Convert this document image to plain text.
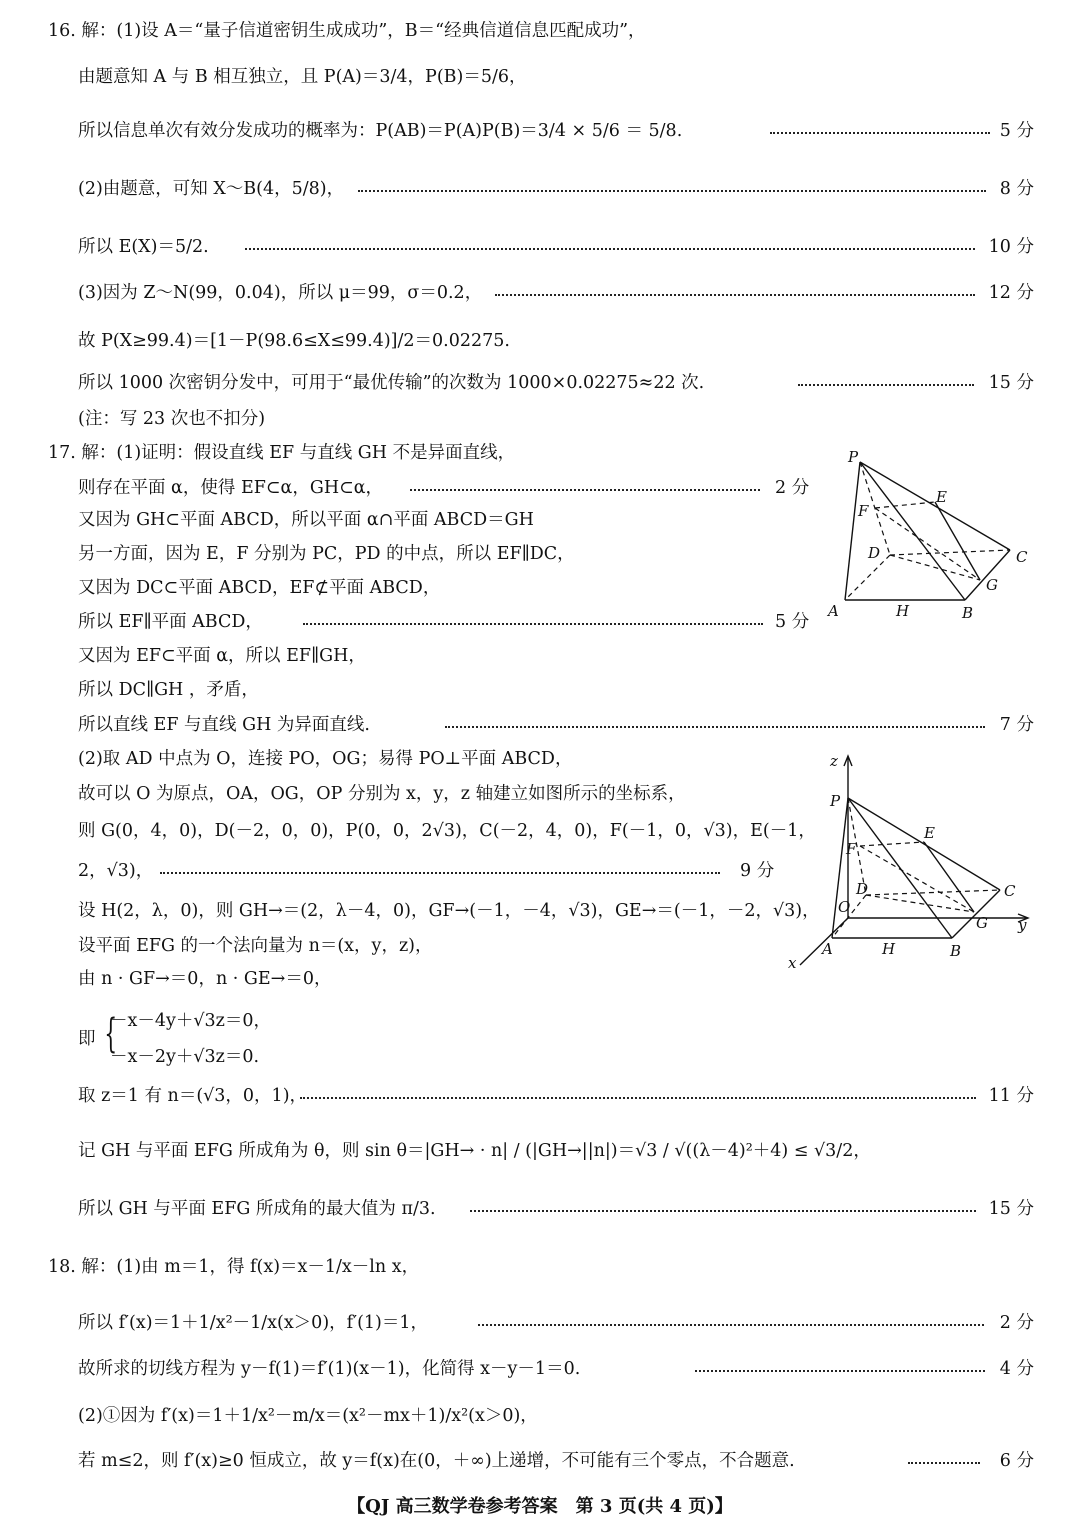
16. 解：(1)设 A＝“量子信道密钥生成成功”，B＝“经典信道信息匹配成功”，
由题意知 A 与 B 相互独立，且 P(A)＝3/4，P(B)＝5/6，
所以信息单次有效分发成功的概率为：P(AB)＝P(A)P(B)＝3/4 × 5/6 ＝ 5/8.	5 分
(2)由题意，可知 X～B(4，5/8)，	8 分
所以 E(X)＝5/2.	10 分
(3)因为 Z～N(99，0.04)，所以 μ＝99，σ＝0.2，	12 分
故 P(X≥99.4)＝[1－P(98.6≤X≤99.4)]/2＝0.02275.
所以 1000 次密钥分发中，可用于“最优传输”的次数为 1000×0.02275≈22 次.	15 分
(注：写 23 次也不扣分)
17. 解：(1)证明：假设直线 EF 与直线 GH 不是异面直线，
则存在平面 α，使得 EF⊂α，GH⊂α，	2 分
又因为 GH⊂平面 ABCD，所以平面 α∩平面 ABCD＝GH
另一方面，因为 E，F 分别为 PC，PD 的中点，所以 EF∥DC，
又因为 DC⊂平面 ABCD，EF⊄平面 ABCD，
所以 EF∥平面 ABCD，	5 分
又因为 EF⊂平面 α，所以 EF∥GH，
所以 DC∥GH ，矛盾，
所以直线 EF 与直线 GH 为异面直线.	7 分
(2)取 AD 中点为 O，连接 PO，OG；易得 PO⊥平面 ABCD，
故可以 O 为原点，OA，OG，OP 分别为 x，y，z 轴建立如图所示的坐标系，
则 G(0，4，0)，D(－2，0，0)，P(0，0，2√3)，C(－2，4，0)，F(－1，0，√3)，E(－1，
2，√3)，	9 分
设 H(2，λ，0)，则 GH→＝(2，λ－4，0)，GF→(－1，－4，√3)，GE→＝(－1，－2，√3)，
设平面 EFG 的一个法向量为 n＝(x，y，z)，
由 n · GF→＝0，n · GE→＝0，
即 {
－x－4y＋√3z＝0，
－x－2y＋√3z＝0.
取 z＝1 有 n＝(√3，0，1)，	11 分
记 GH 与平面 EFG 所成角为 θ，则 sin θ＝|GH→ · n| / (|GH→||n|)＝√3 / √((λ－4)²＋4) ≤ √3/2，
所以 GH 与平面 EFG 所成角的最大值为 π/3.	15 分
18. 解：(1)由 m＝1，得 f(x)＝x－1/x－ln x，
所以 f′(x)＝1＋1/x²－1/x(x＞0)，f′(1)＝1，	2 分
故所求的切线方程为 y－f(1)＝f′(1)(x－1)，化简得 x－y－1＝0.	4 分
(2)①因为 f′(x)＝1＋1/x²－m/x＝(x²－mx＋1)/x²(x＞0)，
若 m≤2，则 f′(x)≥0 恒成立，故 y＝f(x)在(0，＋∞)上递增，不可能有三个零点，不合题意.	6 分
P
E
F
D	C
G
A	H	B
z
P
E
F
D	C
O
G y
A	H	B
x
【QJ 高三数学卷参考答案　第 3 页(共 4 页)】
